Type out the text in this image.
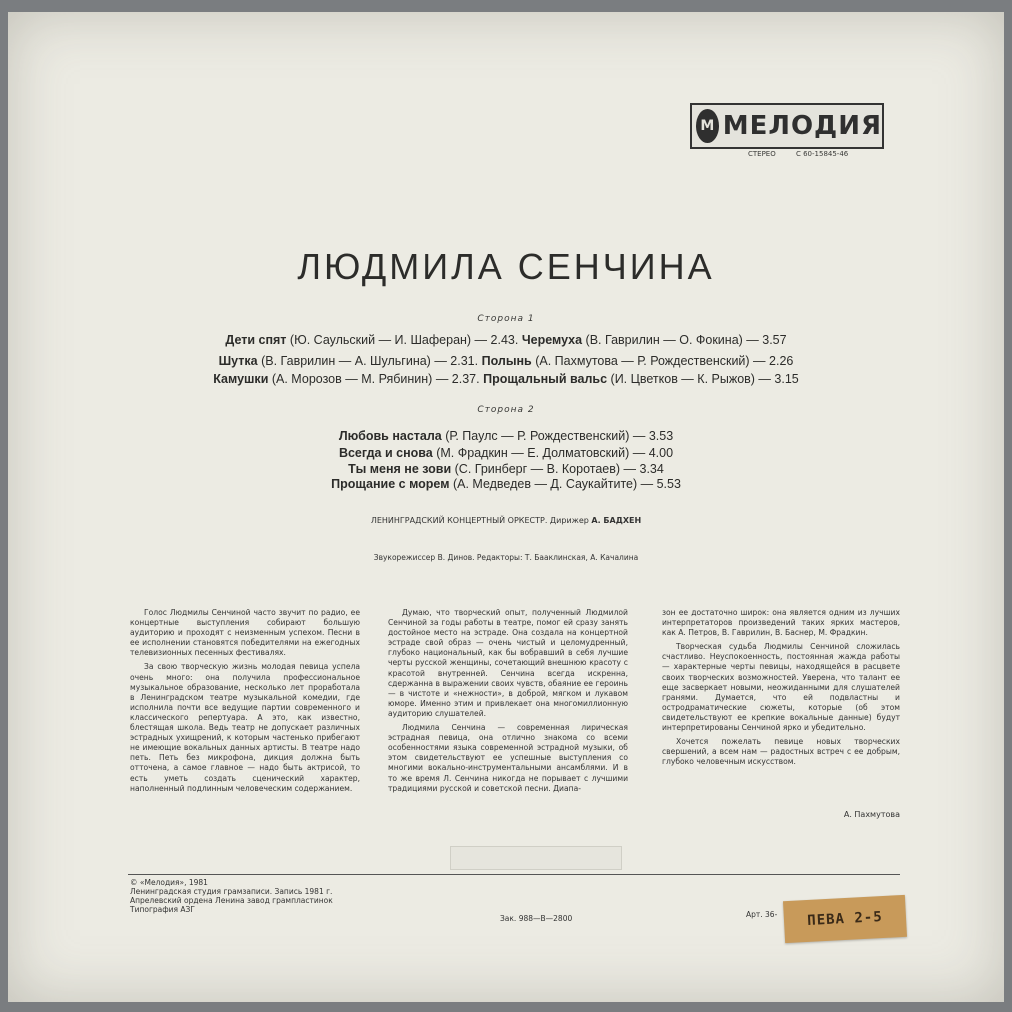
M МЕЛОДИЯ
СТЕРЕО	С 60-15845-46
ЛЮДМИЛА СЕНЧИНА
Сторона 1
Дети спят (Ю. Саульский — И. Шаферан) — 2.43. Черемуха (В. Гаврилин — О. Фокина) — 3.57
Шутка (В. Гаврилин — А. Шульгина) — 2.31. Полынь (А. Пахмутова — Р. Рождественский) — 2.26
Камушки (А. Морозов — М. Рябинин) — 2.37. Прощальный вальс (И. Цветков — К. Рыжов) — 3.15
Сторона 2
Любовь настала (Р. Паулс — Р. Рождественский) — 3.53
Всегда и снова (М. Фрадкин — Е. Долматовский) — 4.00
Ты меня не зови (С. Гринберг — В. Коротаев) — 3.34
Прощание с морем (А. Медведев — Д. Саукайтите) — 5.53
ЛЕНИНГРАДСКИЙ КОНЦЕРТНЫЙ ОРКЕСТР. Дирижер А. БАДХЕН
Звукорежиссер В. Динов. Редакторы: Т. Бааклинская, А. Качалина

Голос Людмилы Сенчиной часто звучит по радио, ее концертные выступления собирают большую аудиторию и проходят с неизменным успехом. Песни в ее исполнении становятся победителями на ежегодных телевизионных песенных фестивалях.

За свою творческую жизнь молодая певица успела очень много: она получила профессиональное музыкальное образование, несколько лет проработала в Ленинградском театре музыкальной комедии, где исполнила почти все ведущие партии современного и классического репертуара. А это, как известно, блестящая школа. Ведь театр не допускает различных эстрадных ухищрений, к которым частенько прибегают не имеющие вокальных данных артисты. В театре надо петь. Петь без микрофона, дикция должна быть отточена, а самое главное — надо быть актрисой, то есть уметь создать сценический характер, наполненный подлинным человеческим содержанием.

Думаю, что творческий опыт, полученный Людмилой Сенчиной за годы работы в театре, помог ей сразу занять достойное место на эстраде. Она создала на концертной эстраде свой образ — очень чистый и целомудренный, глубоко национальный, как бы вобравший в себя лучшие черты русской женщины, сочетающий внешнюю красоту с красотой внутренней. Сенчина всегда искренна, сдержанна в выражении своих чувств, обаяние ее героинь — в чистоте и «нежности», в доброй, мягком и лукавом юморе. Именно этим и привлекает она многомиллионную аудиторию слушателей.

Людмила Сенчина — современная лирическая эстрадная певица, она отлично знакома со всеми особенностями языка современной эстрадной музыки, об этом свидетельствуют ее успешные выступления со многими вокально-инструментальными ансамблями. И в то же время Л. Сенчина никогда не порывает с лучшими традициями русской и советской песни. Диапа-

зон ее достаточно широк: она является одним из лучших интерпретаторов произведений таких ярких мастеров, как А. Петров, В. Гаврилин, В. Баснер, М. Фрадкин.

Творческая судьба Людмилы Сенчиной сложилась счастливо. Неуспокоенность, постоянная жажда работы — характерные черты певицы, находящейся в расцвете своих творческих возможностей. Уверена, что талант ее еще засверкает новыми, неожиданными для слушателей гранями. Думается, что ей подвластны и остродраматические сюжеты, которые (об этом свидетельствуют ее крепкие вокальные данные) будут интерпретированы Сенчиной ярко и убедительно.

Хочется пожелать певице новых творческих свершений, а всем нам — радостных встреч с ее добрым, глубоко человечным искусством.

А. Пахмутова
© «Мелодия», 1981
Ленинградская студия грамзаписи. Запись 1981 г.
Апрелевский ордена Ленина завод грампластинок
Типография АЗГ
Зак. 988—В—2800	Арт. 36-	ПЕВА 2-5
